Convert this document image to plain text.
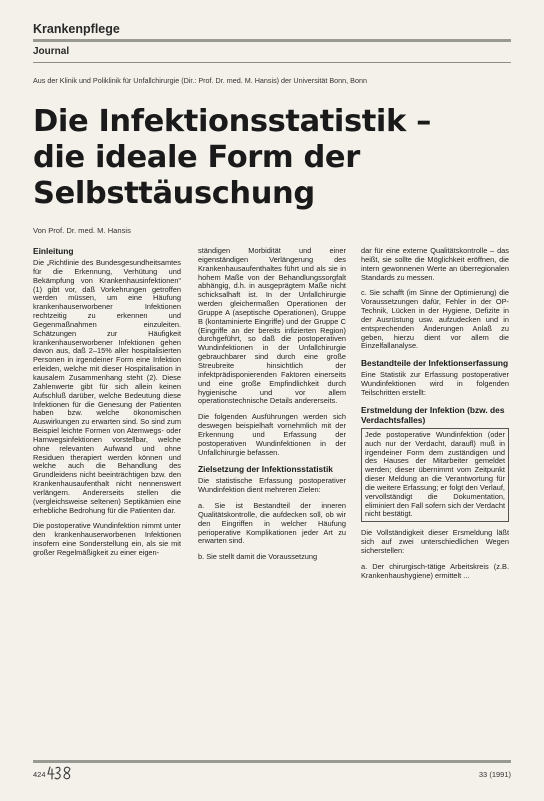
Krankenpflege
Journal
Aus der Klinik und Poliklinik für Unfallchirurgie (Dir.: Prof. Dr. med. M. Hansis) der Universität Bonn, Bonn
Die Infektionsstatistik –
die ideale Form der
Selbsttäuschung
Von Prof. Dr. med. M. Hansis
Einleitung

Die „Richtlinie des Bundesgesundheitsamtes für die Erkennung, Verhütung und Bekämpfung von Krankenhausinfektionen“ (1) gibt vor, daß Vorkehrungen getroffen werden müssen, um eine Häufung krankenhauserworbener Infektionen rechtzeitig zu erkennen und Gegenmaßnahmen einzuleiten. Schätzungen zur Häufigkeit krankenhauserworbener Infektionen gehen davon aus, daß 2–15% aller hospitalisierten Personen in irgendeiner Form eine Infektion erleiden, welche mit dieser Hospitalisation in kausalem Zusammenhang steht (2). Diese Zahlenwerte gibt für sich allein keinen Aufschluß darüber, welche Bedeutung diese Infektionen für die Genesung der Patienten haben bzw. welche ökonomischen Auswirkungen zu erwarten sind. So sind zum Beispiel leichte Formen von Atemwegs- oder Harnwegsinfektionen vorstellbar, welche ohne relevanten Aufwand und ohne Residuen therapiert werden können und welche auch die Behandlung des Grundleidens nicht beeinträchtigen bzw. den Krankenhausaufenthalt nicht nennenswert verlängern. Andererseits stellen die (vergleichsweise seltenen) Septikämien eine erhebliche Bedrohung für die Patienten dar.

Die postoperative Wundinfektion nimmt unter den krankenhauserworbenen Infektionen insofern eine Sonderstellung ein, als sie mit großer Regelmäßigkeit zu einer eigen-

ständigen Morbidität und einer eigenständigen Verlängerung des Krankenhausaufenthaltes führt und als sie in hohem Maße von der Behandlungssorgfalt abhängig, d.h. in ausgeprägtem Maße nicht schicksalhaft ist. In der Unfallchirurgie werden gleichermaßen Operationen der Gruppe A (aseptische Operationen), Gruppe B (kontaminierte Eingriffe) und der Gruppe C (Eingriffe an der bereits infizierten Region) durchgeführt, so daß die postoperativen Wundinfektionen in der Unfallchirurgie gebrauchbarer sind durch eine große Streubreite hinsichtlich der infektprädisponierenden Faktoren einerseits und eine große Empfindlichkeit durch hygienische und vor allem operationstechnische Details andererseits.

Die folgenden Ausführungen werden sich deswegen beispielhaft vornehmlich mit der Erkennung und Erfassung der postoperativen Wundinfektionen in der Unfallchirurgie befassen.

Zielsetzung der Infektionsstatistik

Die statistische Erfassung postoperativer Wundinfektion dient mehreren Zielen:

a. Sie ist Bestandteil der inneren Qualitätskontrolle, die aufdecken soll, ob wir den Eingriffen in welcher Häufung perioperative Komplikationen jeder Art zu erwarten sind.

b. Sie stellt damit die Voraussetzung

dar für eine externe Qualitätskontrolle – das heißt, sie sollte die Möglichkeit eröffnen, die intern gewonnenen Werte an überregionalen Standards zu messen.

c. Sie schafft (im Sinne der Optimierung) die Voraussetzungen dafür, Fehler in der OP-Technik, Lücken in der Hygiene, Defizite in der Ausrüstung usw. aufzudecken und in entsprechenden Änderungen Anlaß zu geben, hierzu dient vor allem die Einzelfallanalyse.

Bestandteile der Infektionserfassung

Eine Statistik zur Erfassung postoperativer Wundinfektionen wird in folgenden Teilschritten erstellt:

Erstmeldung der Infektion (bzw. des Verdachtsfalles)

Jede postoperative Wundinfektion (oder auch nur der Verdacht, daraufl) muß in irgendeiner Form dem zuständigen und des Hauses der Mitarbeiter gemeldet werden; dieser übernimmt vom Zeitpunkt dieser Meldung an die Verantwortung für die weitere Erfassung; er folgt den Verlauf, vervollständigt die Dokumentation, eliminiert den Fall sofern sich der Verdacht nicht bestätigt.

Die Vollständigkeit dieser Ersmeldung läßt sich auf zwei unterschiedlichen Wegen sicherstellen:

a. Der chirurgisch-tätige Arbeitskreis (z.B. Krankenhaushygiene) ermittelt ...

424	33 (1991)
